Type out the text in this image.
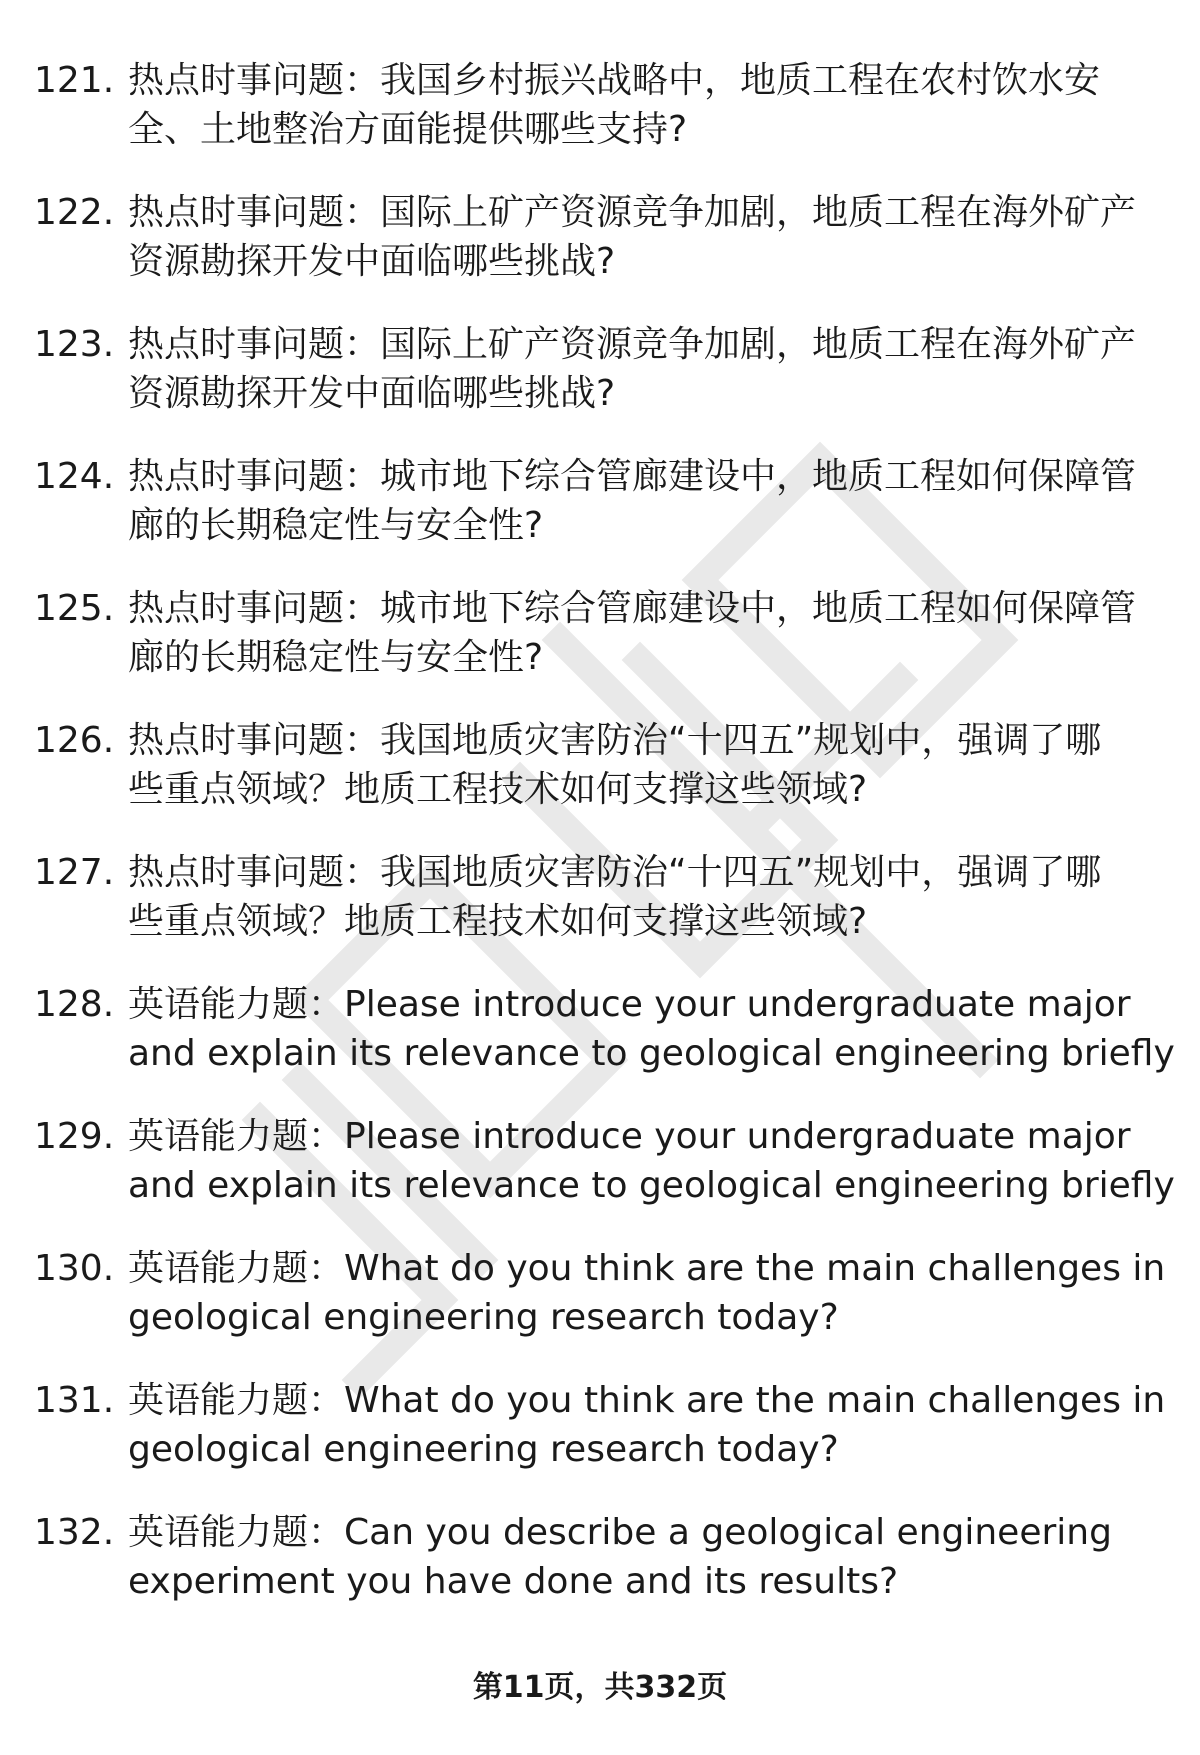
121. 热点时事问题：我国乡村振兴战略中，地质工程在农村饮水安
全、土地整治方面能提供哪些支持?
122. 热点时事问题：国际上矿产资源竞争加剧，地质工程在海外矿产
资源勘探开发中面临哪些挑战?
123. 热点时事问题：国际上矿产资源竞争加剧，地质工程在海外矿产
资源勘探开发中面临哪些挑战?
124. 热点时事问题：城市地下综合管廊建设中，地质工程如何保障管
廊的长期稳定性与安全性?
125. 热点时事问题：城市地下综合管廊建设中，地质工程如何保障管
廊的长期稳定性与安全性?
126. 热点时事问题：我国地质灾害防治“十四五”规划中，强调了哪
些重点领域？地质工程技术如何支撑这些领域?
127. 热点时事问题：我国地质灾害防治“十四五”规划中，强调了哪
些重点领域？地质工程技术如何支撑这些领域?
128. 英语能力题：Please introduce your undergraduate major
and explain its relevance to geological engineering briefly
129. 英语能力题：Please introduce your undergraduate major
and explain its relevance to geological engineering briefly
130. 英语能力题：What do you think are the main challenges in
geological engineering research today?
131. 英语能力题：What do you think are the main challenges in
geological engineering research today?
132. 英语能力题：Can you describe a geological engineering
experiment you have done and its results?
第11页，共332页
